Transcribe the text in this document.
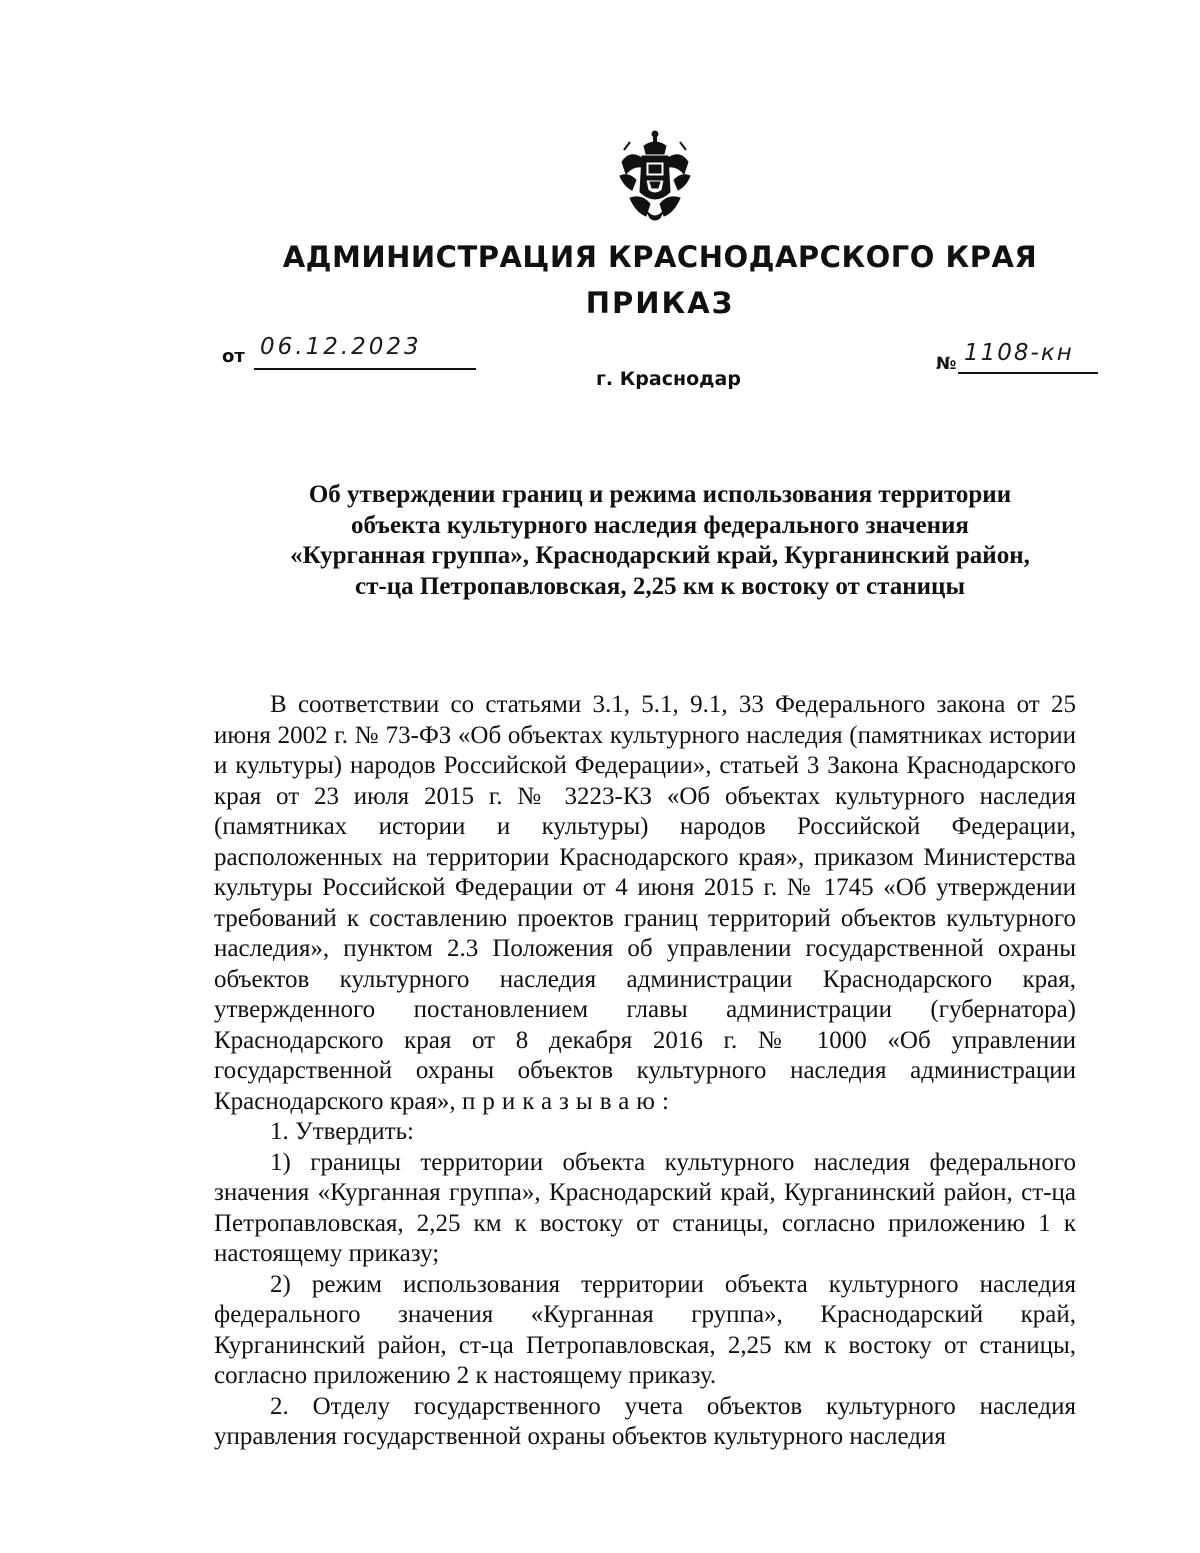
АДМИНИСТРАЦИЯ КРАСНОДАРСКОГО КРАЯ
ПРИКАЗ
от 06.12.2023
г. Краснодар
№ 1108-кн
Об утверждении границ и режима использования территории
объекта культурного наследия федерального значения
«Курганная группа», Краснодарский край, Курганинский район,
ст-ца Петропавловская, 2,25 км к востоку от станицы

В соответствии со статьями 3.1, 5.1, 9.1, 33 Федерального закона от 25 июня 2002 г. № 73-ФЗ «Об объектах культурного наследия (памятниках истории и культуры) народов Российской Федерации», статьей 3 Закона Краснодарского края от 23 июля 2015 г. № 3223-КЗ «Об объектах культурного наследия (памятниках истории и культуры) народов Российской Федерации, расположенных на территории Краснодарского края», приказом Министерства культуры Российской Федерации от 4 июня 2015 г. № 1745 «Об утверждении требований к составлению проектов границ территорий объектов культурного наследия», пунктом 2.3 Положения об управлении государственной охраны объектов культурного наследия администрации Краснодарского края, утвержденного постановлением главы администрации (губернатора) Краснодарского края от 8 декабря 2016 г. № 1000 «Об управлении государственной охраны объектов культурного наследия администрации Краснодарского края», приказываю:

1. Утвердить:

1) границы территории объекта культурного наследия федерального значения «Курганная группа», Краснодарский край, Курганинский район, ст-ца Петропавловская, 2,25 км к востоку от станицы, согласно приложению 1 к настоящему приказу;

2) режим использования территории объекта культурного наследия федерального значения «Курганная группа», Краснодарский край, Курганинский район, ст-ца Петропавловская, 2,25 км к востоку от станицы, согласно приложению 2 к настоящему приказу.

2. Отделу государственного учета объектов культурного наследия управления государственной охраны объектов культурного наследия
